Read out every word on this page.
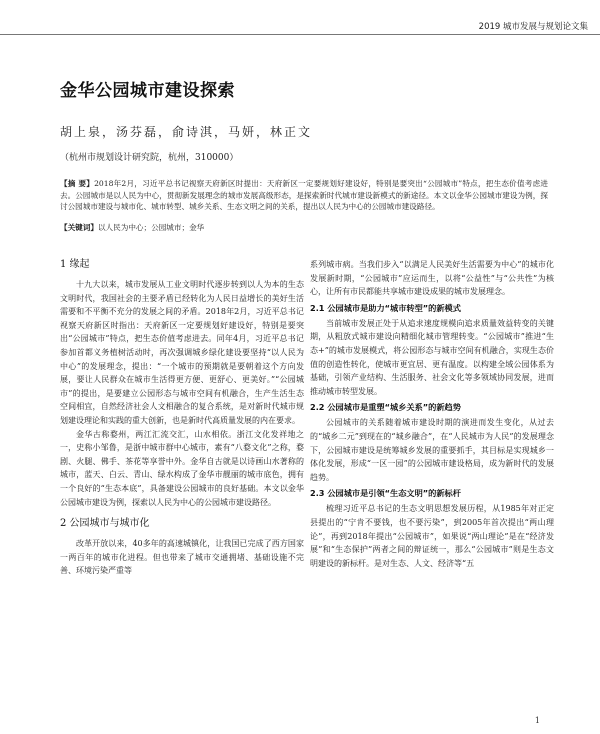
2019 城市发展与规划论文集
金华公园城市建设探索
胡上泉，汤芬磊，俞诗淇，马妍，林正文
（杭州市规划设计研究院，杭州，310000）
【摘 要】2018年2月，习近平总书记视察天府新区时提出：天府新区一定要规划好建设好，特别是要突出“公园城市”特点，把生态价值考虑进去。公园城市是以人民为中心，贯彻新发展理念的城市发展高级形态，是探索新时代城市建设新模式的新途径。本文以金华公园城市建设为例，探讨公园城市建设与城市化、城市转型、城乡关系、生态文明之间的关系，提出以人民为中心的公园城市建设路径。
【关键词】以人民为中心；公园城市；金华
1 缘起

十九大以来，城市发展从工业文明时代逐步转到以人为本的生态文明时代，我国社会的主要矛盾已经转化为人民日益增长的美好生活需要和不平衡不充分的发展之间的矛盾。2018年2月，习近平总书记视察天府新区时指出：天府新区一定要规划好建设好，特别是要突出“公园城市”特点，把生态价值考虑进去。同年4月，习近平总书记参加首都义务植树活动时，再次强调城乡绿化建设要坚持“以人民为中心”的发展理念，提出：“一个城市的预期就是要朝着这个方向发展，要让人民群众在城市生活得更方便、更舒心、更美好。”“公园城市”的提出，是要建立公园形态与城市空间有机融合，生产生活生态空间相宜，自然经济社会人文相融合的复合系统，是对新时代城市规划建设理论和实践的重大创新，也是新时代高质量发展的内在要求。

金华古称婺州，两江汇流交汇，山水相依。浙江文化发祥地之一，史称小邹鲁，是浙中城市群中心城市，素有“八婺文化”之称，婺剧、火腿、佛手、茶花等享誉中外。金华自古就是以诗画山水著称的城市，蓝天、白云、青山、绿水构成了金华市靓丽的城市底色，拥有一个良好的“生态本底”，具备建设公园城市的良好基础。本文以金华公园城市建设为例，探索以人民为中心的公园城市建设路径。

2 公园城市与城市化

改革开放以来，40多年的高速城镇化，让我国已完成了西方国家一两百年的城市化进程。但也带来了城市交通拥堵、基础设施不完善、环境污染严重等

系列城市病。当我们步入“以满足人民美好生活需要为中心”的城市化发展新时期，“公园城市”应运而生，以将“公益性”与“公共性”为核心，让所有市民都能共享城市建设成果的城市发展理念。

2.1 公园城市是助力“城市转型”的新模式

当前城市发展正处于从追求速度规模向追求质量效益转变的关键期，从粗放式城市建设向精细化城市管理转变。“公园城市”推进“生态+”的城市发展模式，将公园形态与城市空间有机融合，实现生态价值的创造性转化，使城市更宜居、更有温度。以构建全域公园体系为基础，引领产业结构、生活服务、社会文化等多领域协同发展，进而推动城市转型发展。

2.2 公园城市是重塑“城乡关系”的新趋势

公园城市的关系随着城市建设时期的演进而发生变化，从过去的“城乡二元”到现在的“城乡融合”，在“人民城市为人民”的发展理念下，公园城市建设是统筹城乡发展的重要抓手，其目标是实现城乡一体化发展，形成“一区一园”的公园城市建设格局，成为新时代的发展趋势。

2.3 公园城市是引领“生态文明”的新标杆

梳理习近平总书记的生态文明思想发展历程，从1985年对正定县提出的“宁肯不要钱，也不要污染”，到2005年首次提出“两山理论”，再到2018年提出“公园城市”，如果说“两山理论”是在“经济发展”和“生态保护”两者之间的辩证统一，那么“公园城市”则是生态文明建设的新标杆。是对生态、人文、经济等“五

1
